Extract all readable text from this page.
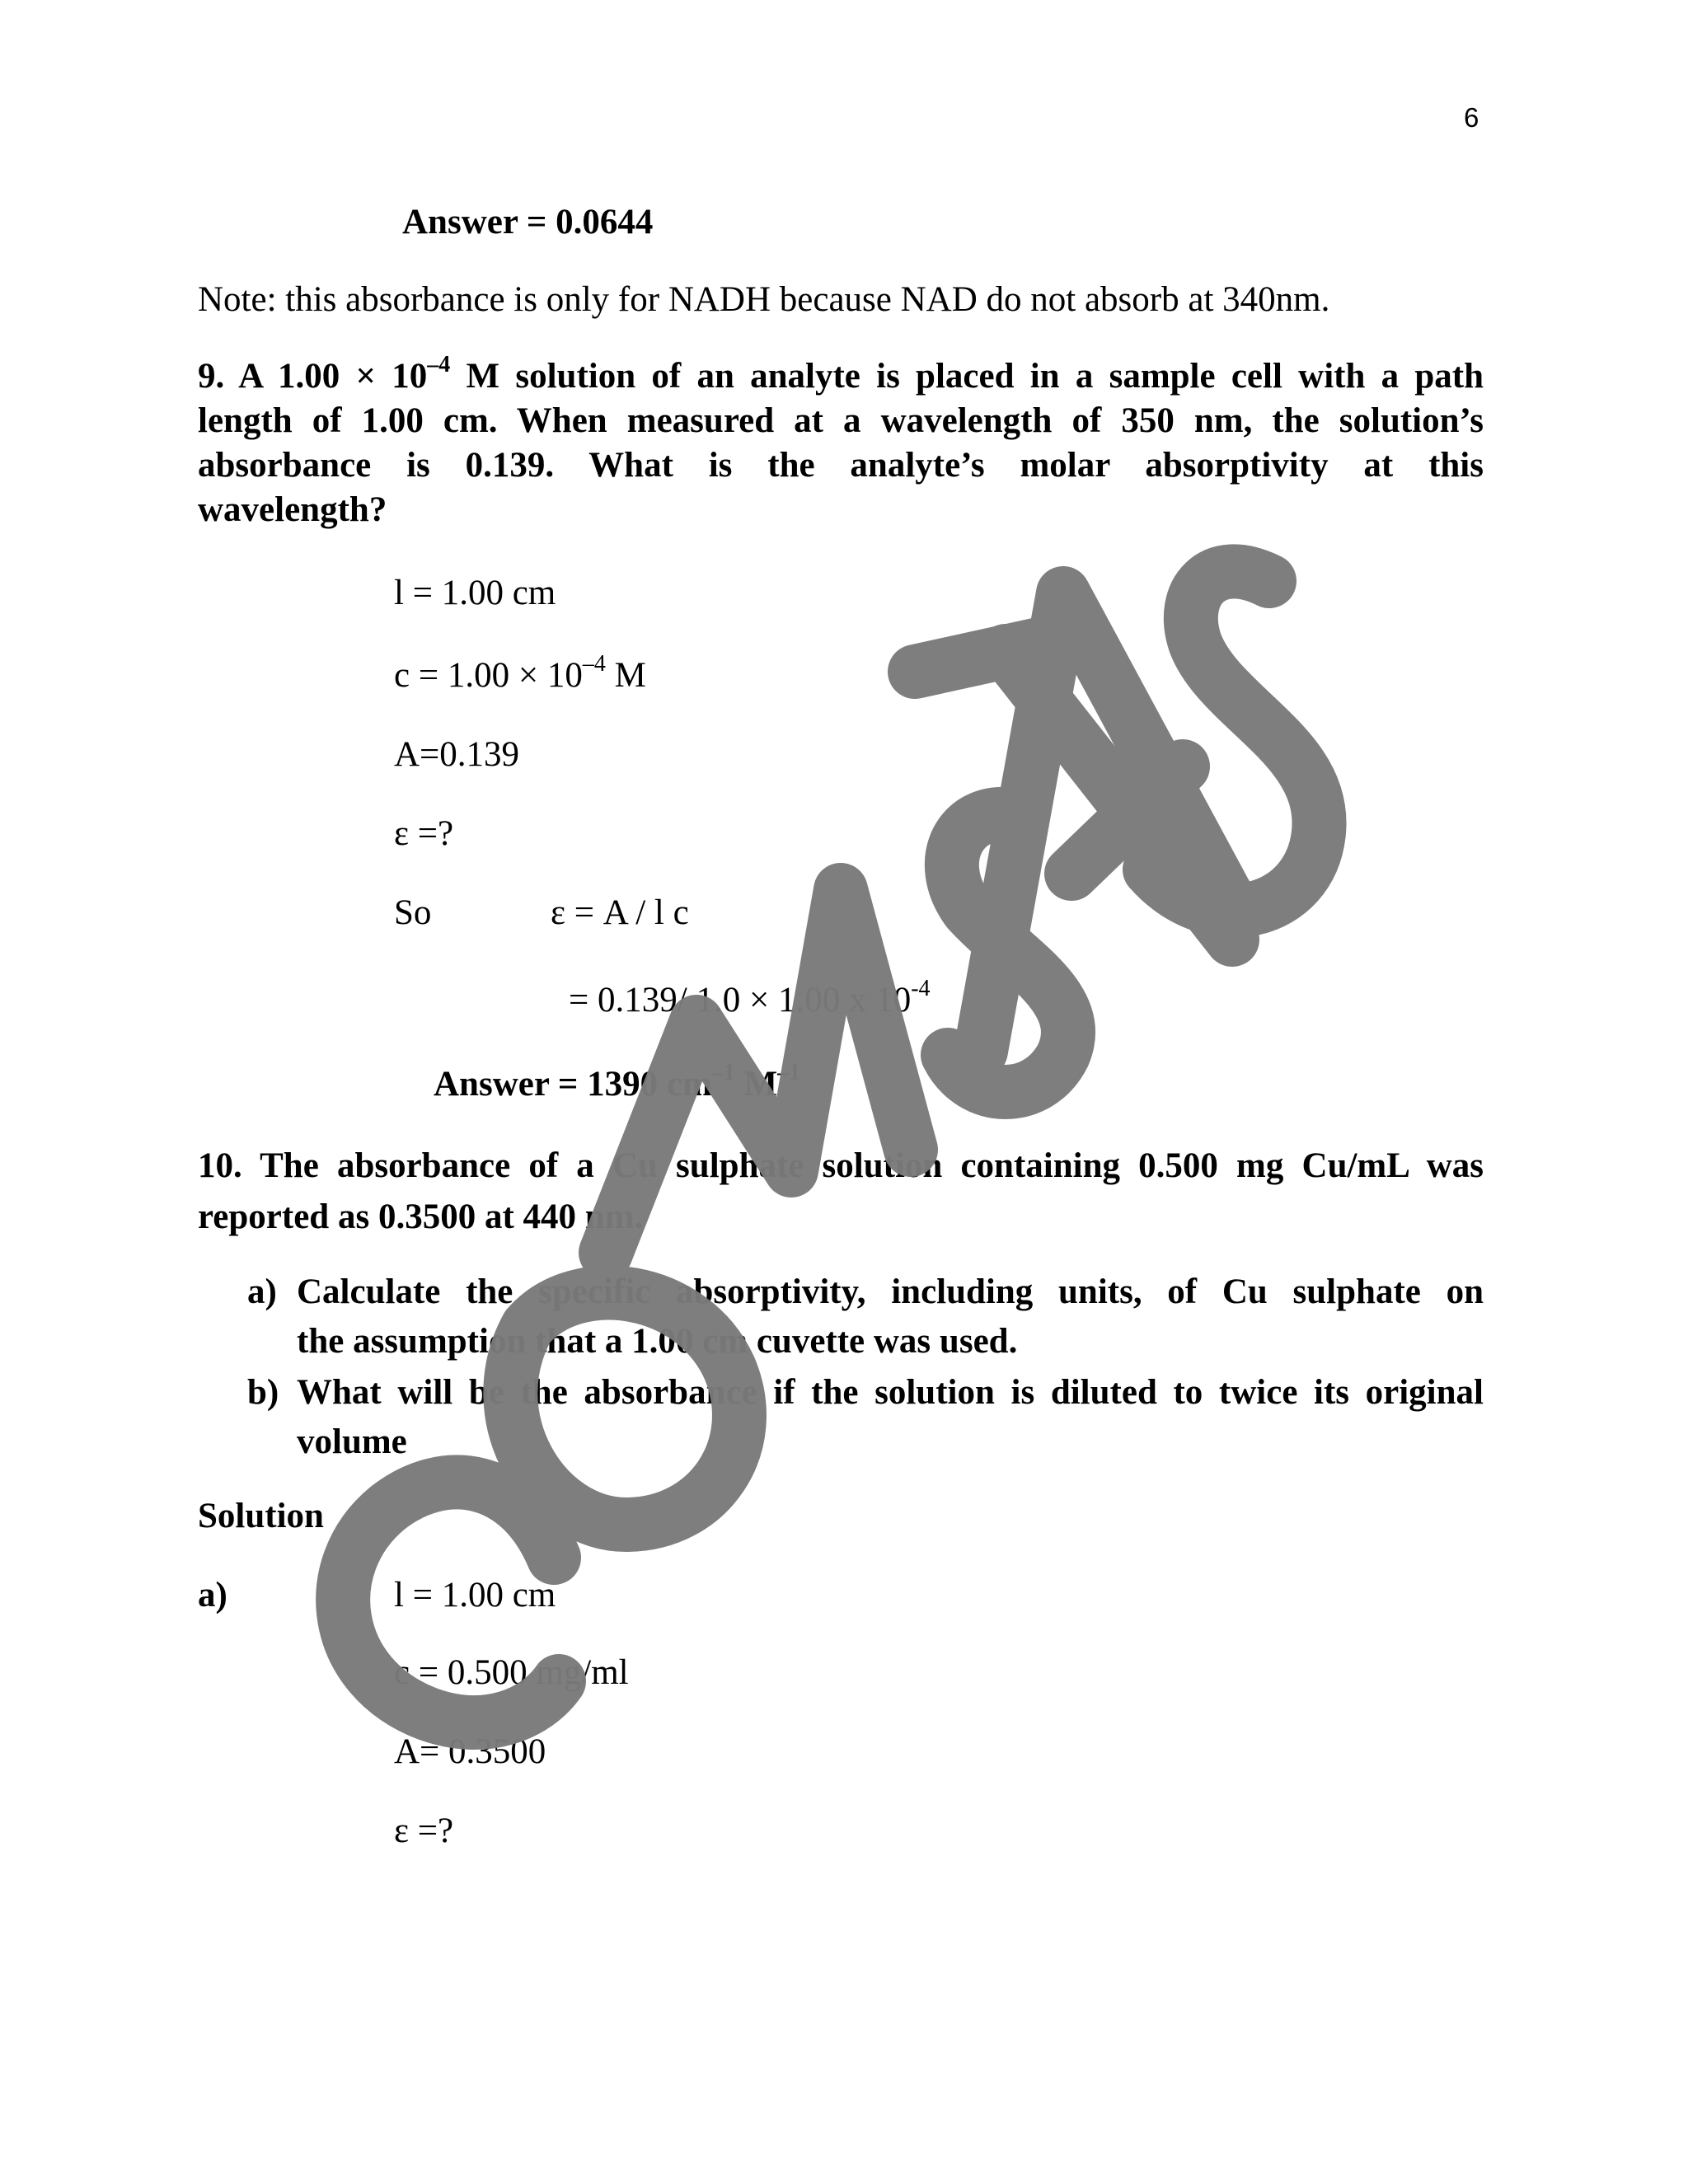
6
Answer = 0.0644
Note: this absorbance is only for NADH because NAD do not absorb at 340nm.
9. A $1.00 \times 10^{-4}$ M solution of an analyte is placed in a sample cell with a path
length of 1.00 cm. When measured at a wavelength of 350 nm, the solution’s
absorbance is 0.139. What is the analyte’s molar absorptivity at this
wavelength?
l = 1.00 cm
$c = 1.00 \times 10^{-4}$ M
A=0.139
ε =?
So	ε = A / l c
= 0.139/ 1.0 × 1.00 x $10^{-4}$
Answer = 1390 $cm^{-1}$ $M^{-1}$
10. The absorbance of a Cu sulphate solution containing 0.500 mg Cu/mL was
reported as 0.3500 at 440 nm.
a) Calculate the specific absorptivity, including units, of Cu sulphate on
the assumption that a 1.00 cm cuvette was used.
b) What will be the absorbance if the solution is diluted to twice its original
volume
Solution
a)	l = 1.00 cm
c = 0.500 mg/ml
A= 0.3500
ε =?
